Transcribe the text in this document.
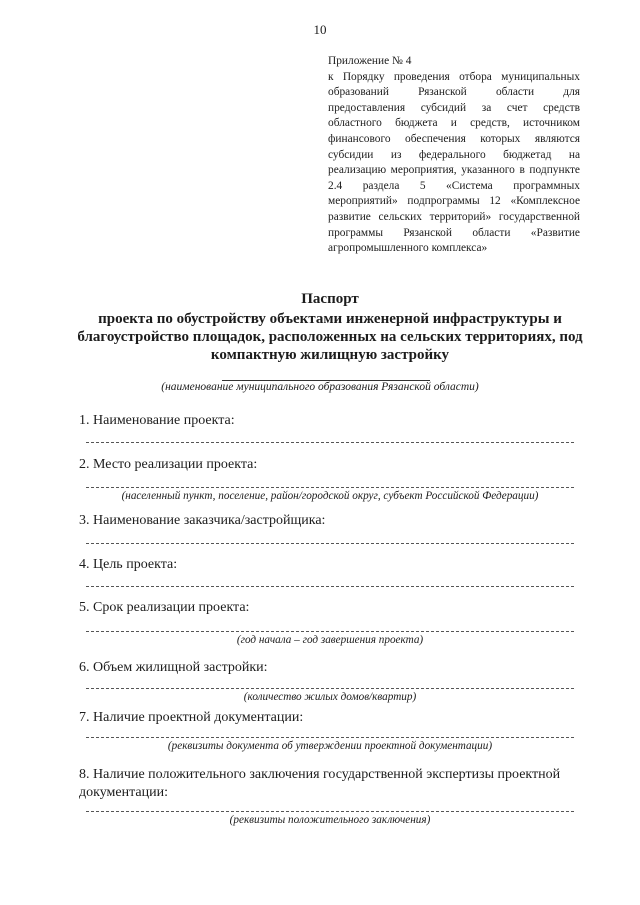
10
Приложение № 4
к Порядку проведения отбора муниципальных образований Рязанской области для предоставления субсидий за счет средств областного бюджета и средств, источником финансового обеспечения которых являются субсидии из федерального бюджетад на реализацию мероприятия, указанного в подпункте 2.4 раздела 5 «Система программных мероприятий» подпрограммы 12 «Комплексное развитие сельских территорий» государственной программы Рязанской области «Развитие агропромышленного комплекса»
Паспорт
проекта по обустройству объектами инженерной инфраструктуры и благоустройство площадок, расположенных на сельских территориях, под компактную жилищную застройку
(наименование муниципального образования Рязанской области)
1. Наименование проекта:
2. Место реализации проекта:
(населенный пункт, поселение, район/городской округ, субъект Российской Федерации)
3. Наименование заказчика/застройщика:
4. Цель проекта:
5. Срок реализации проекта:
(год начала – год завершения проекта)
6. Объем жилищной застройки:
(количество жилых домов/квартир)
7. Наличие проектной документации:
(реквизиты документа об утверждении проектной документации)
8. Наличие положительного заключения государственной экспертизы проектной документации:
(реквизиты положительного заключения)
